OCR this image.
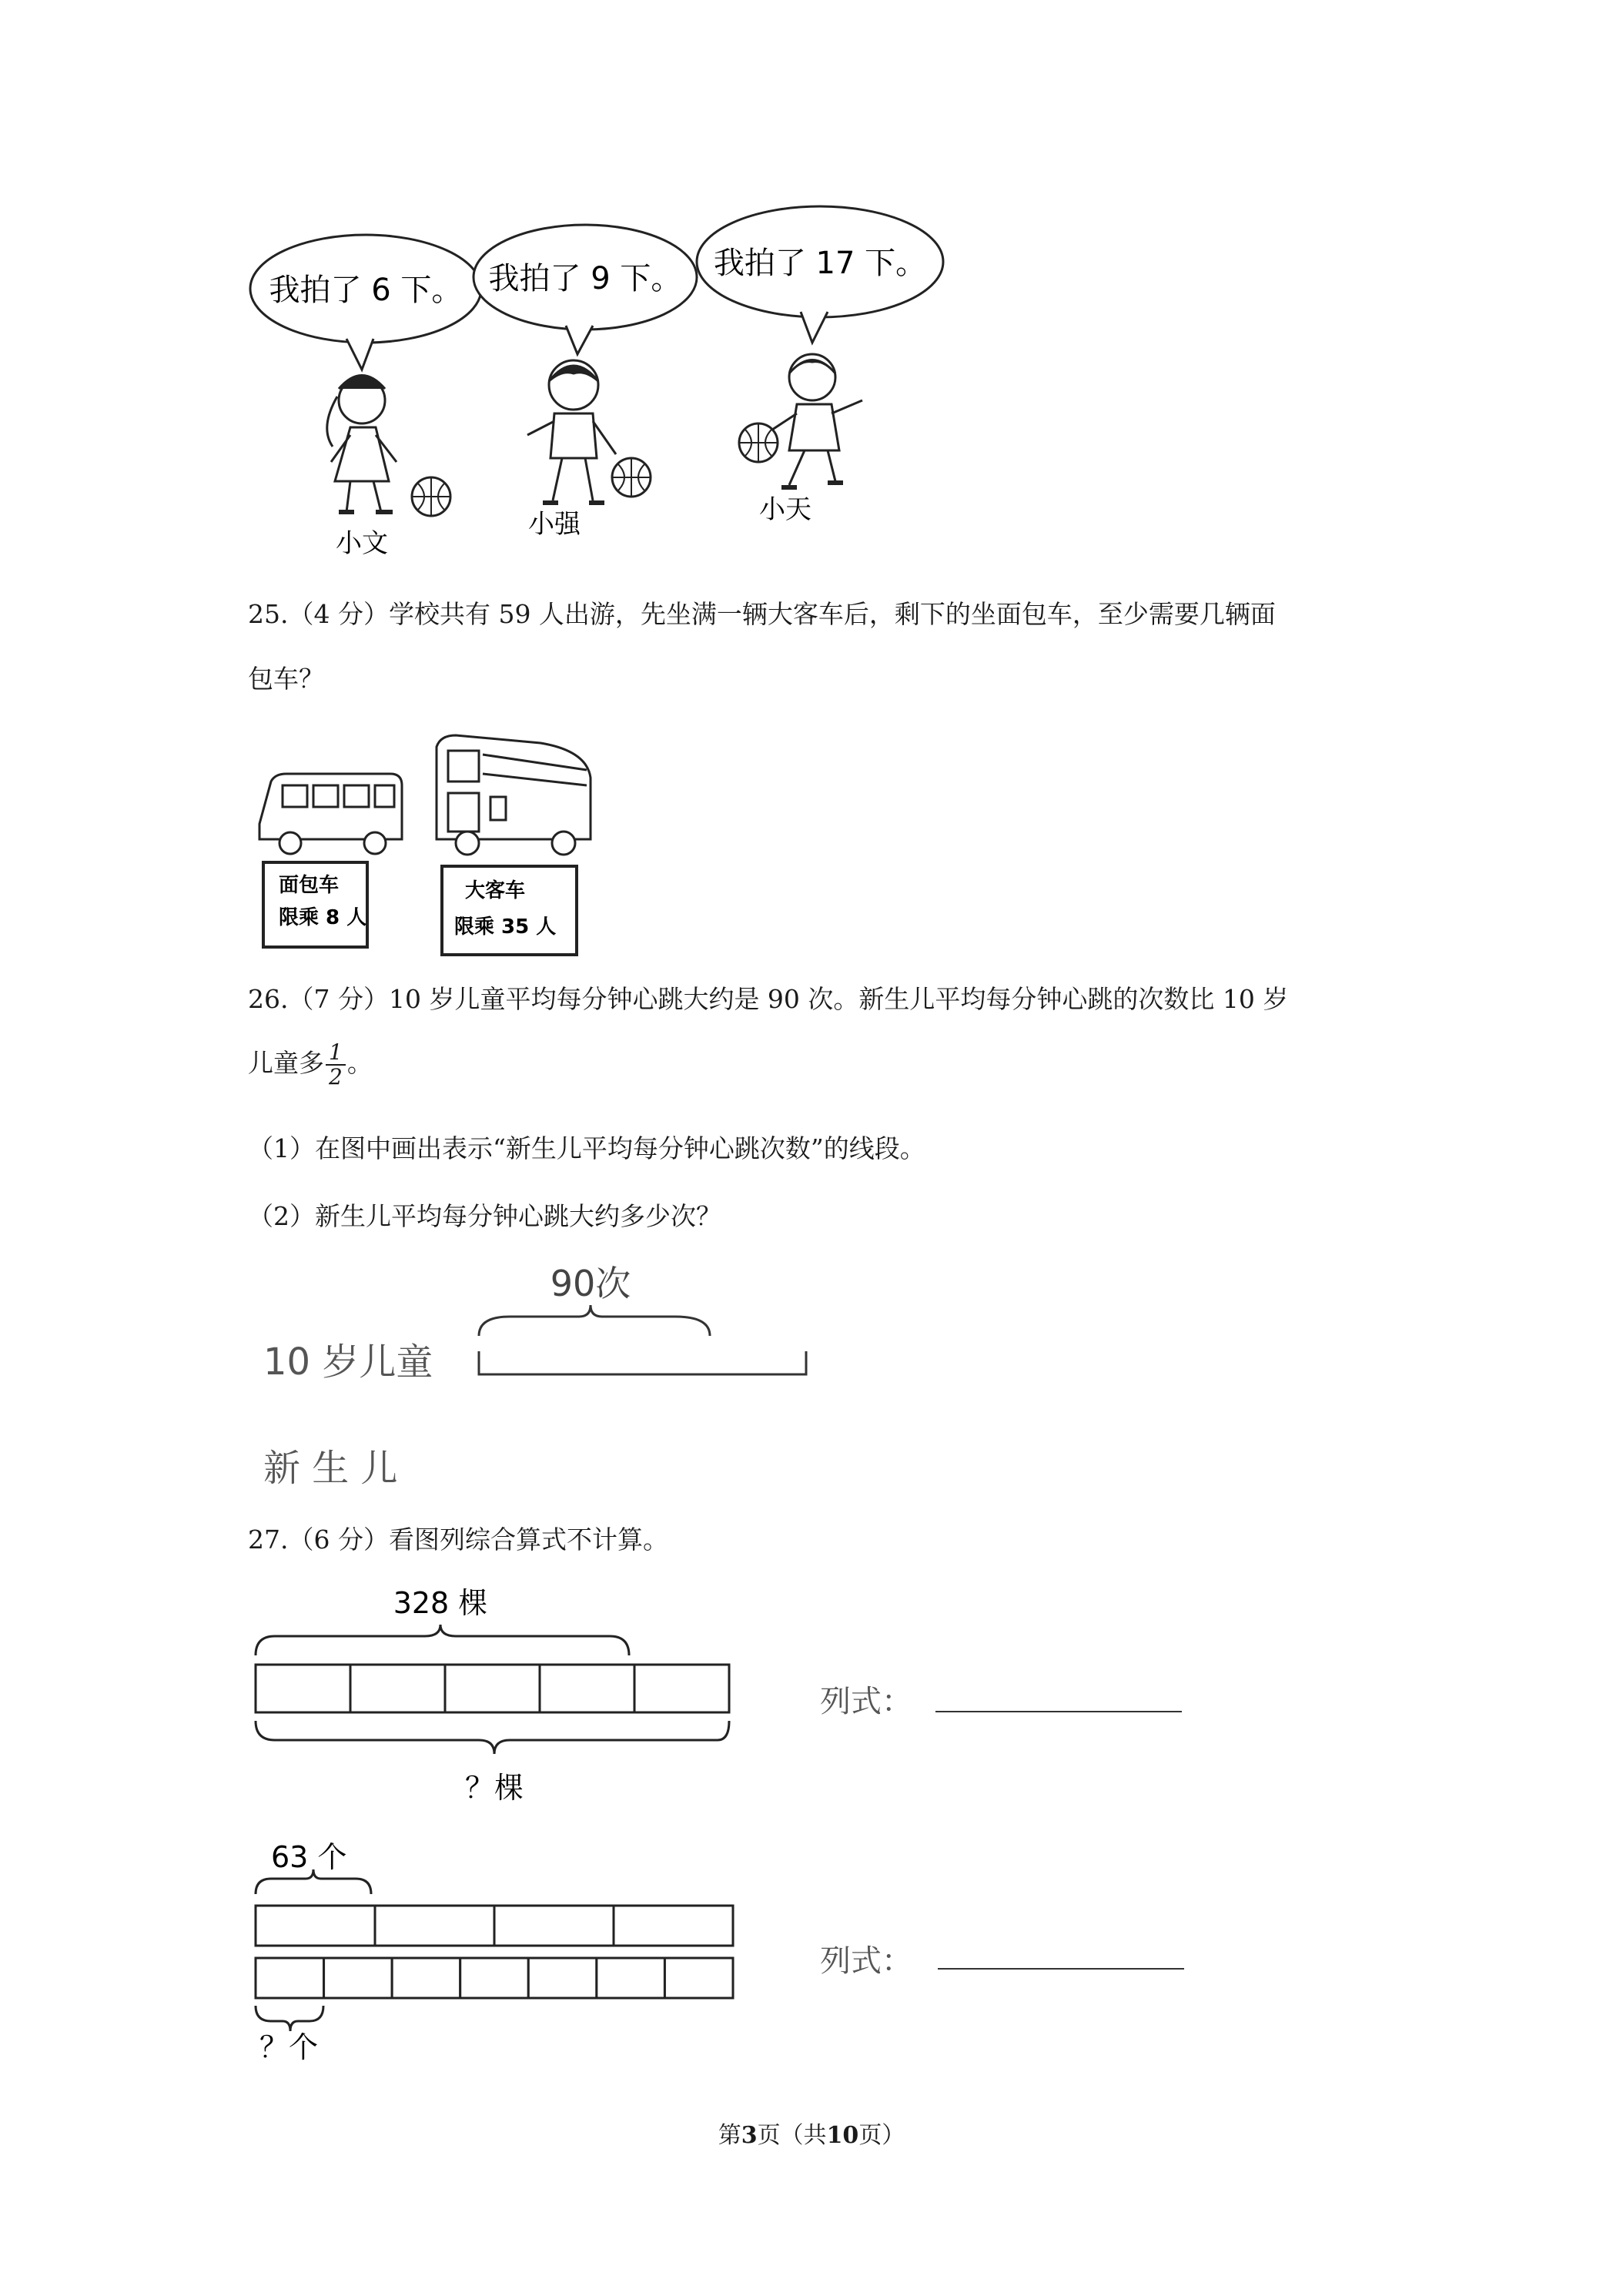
我拍了 6 下。 我拍了 9 下。 我拍了 17 下。
小文
小强	小天
25.（4 分）学校共有 59 人出游，先坐满一辆大客车后，剩下的坐面包车，至少需要几辆面
包车？
面包车
限乘 8 人
大客车
限乘 35 人
26.（7 分）10 岁儿童平均每分钟心跳大约是 90 次。新生儿平均每分钟心跳的次数比 10 岁
儿童多 $\frac{1}{2}$ 。
（1）在图中画出表示“新生儿平均每分钟心跳次数”的线段。
（2）新生儿平均每分钟心跳大约多少次？
90次
10 岁儿童
新 生 儿
27.（6 分）看图列综合算式不计算。
328 棵
？棵
列式：
63 个
？个
列式：
第3页（共10页）
